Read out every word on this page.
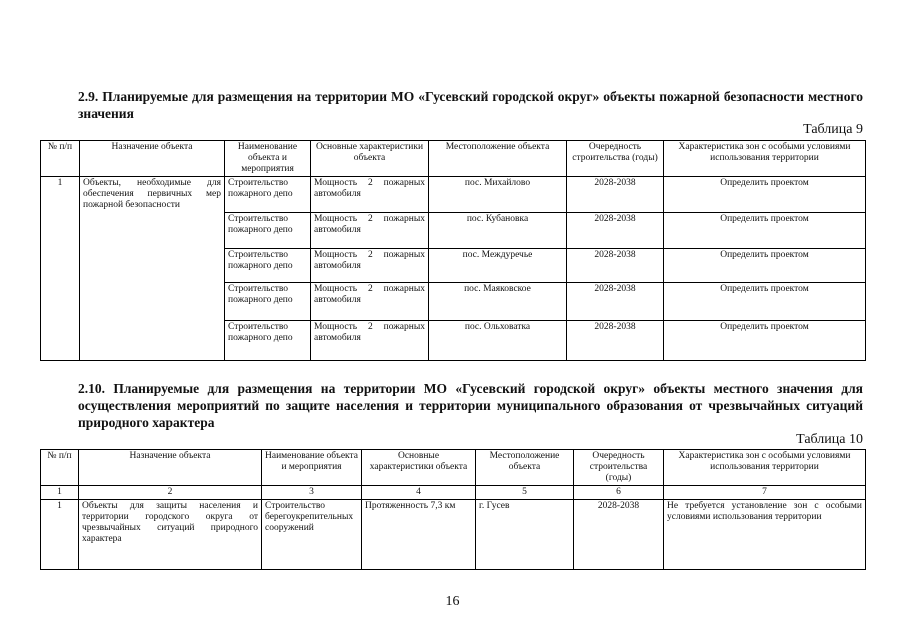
2.9. Планируемые для размещения на территории МО «Гусевский городской округ» объекты пожарной безопасности местного значения
Таблица 9
№ п/п	Назначение объекта	Наименование объекта и мероприятия	Основные характеристики объекта	Местоположение объекта	Очередность строительства (годы)	Характеристика зон с особыми условиями использования территории
1	Объекты, необходимые для обеспечения первичных мер пожарной безопасности	Строительство пожарного депо	Мощность 2 пожарных автомобиля	пос. Михайлово	2028-2038	Определить проектом
		Строительство пожарного депо	Мощность 2 пожарных автомобиля	пос. Кубановка	2028-2038	Определить проектом
		Строительство пожарного депо	Мощность 2 пожарных автомобиля	пос. Междуречье	2028-2038	Определить проектом
		Строительство пожарного депо	Мощность 2 пожарных автомобиля	пос. Маяковское	2028-2038	Определить проектом
		Строительство пожарного депо	Мощность 2 пожарных автомобиля	пос. Ольховатка	2028-2038	Определить проектом
2.10. Планируемые для размещения на территории МО «Гусевский городской округ» объекты местного значения для осуществления мероприятий по защите населения и территории муниципального образования от чрезвычайных ситуаций природного характера
Таблица 10
№ п/п	Назначение объекта	Наименование объекта и мероприятия	Основные характеристики объекта	Местоположение объекта	Очередность строительства (годы)	Характеристика зон с особыми условиями использования территории
1	2	3	4	5	6	7
1	Объекты для защиты населения и территории городского округа от чрезвычайных ситуаций природного характера	Строительство берегоукрепительных сооружений	Протяженность 7,3 км	г. Гусев	2028-2038	Не требуется установление зон с особыми условиями использования территории
16
